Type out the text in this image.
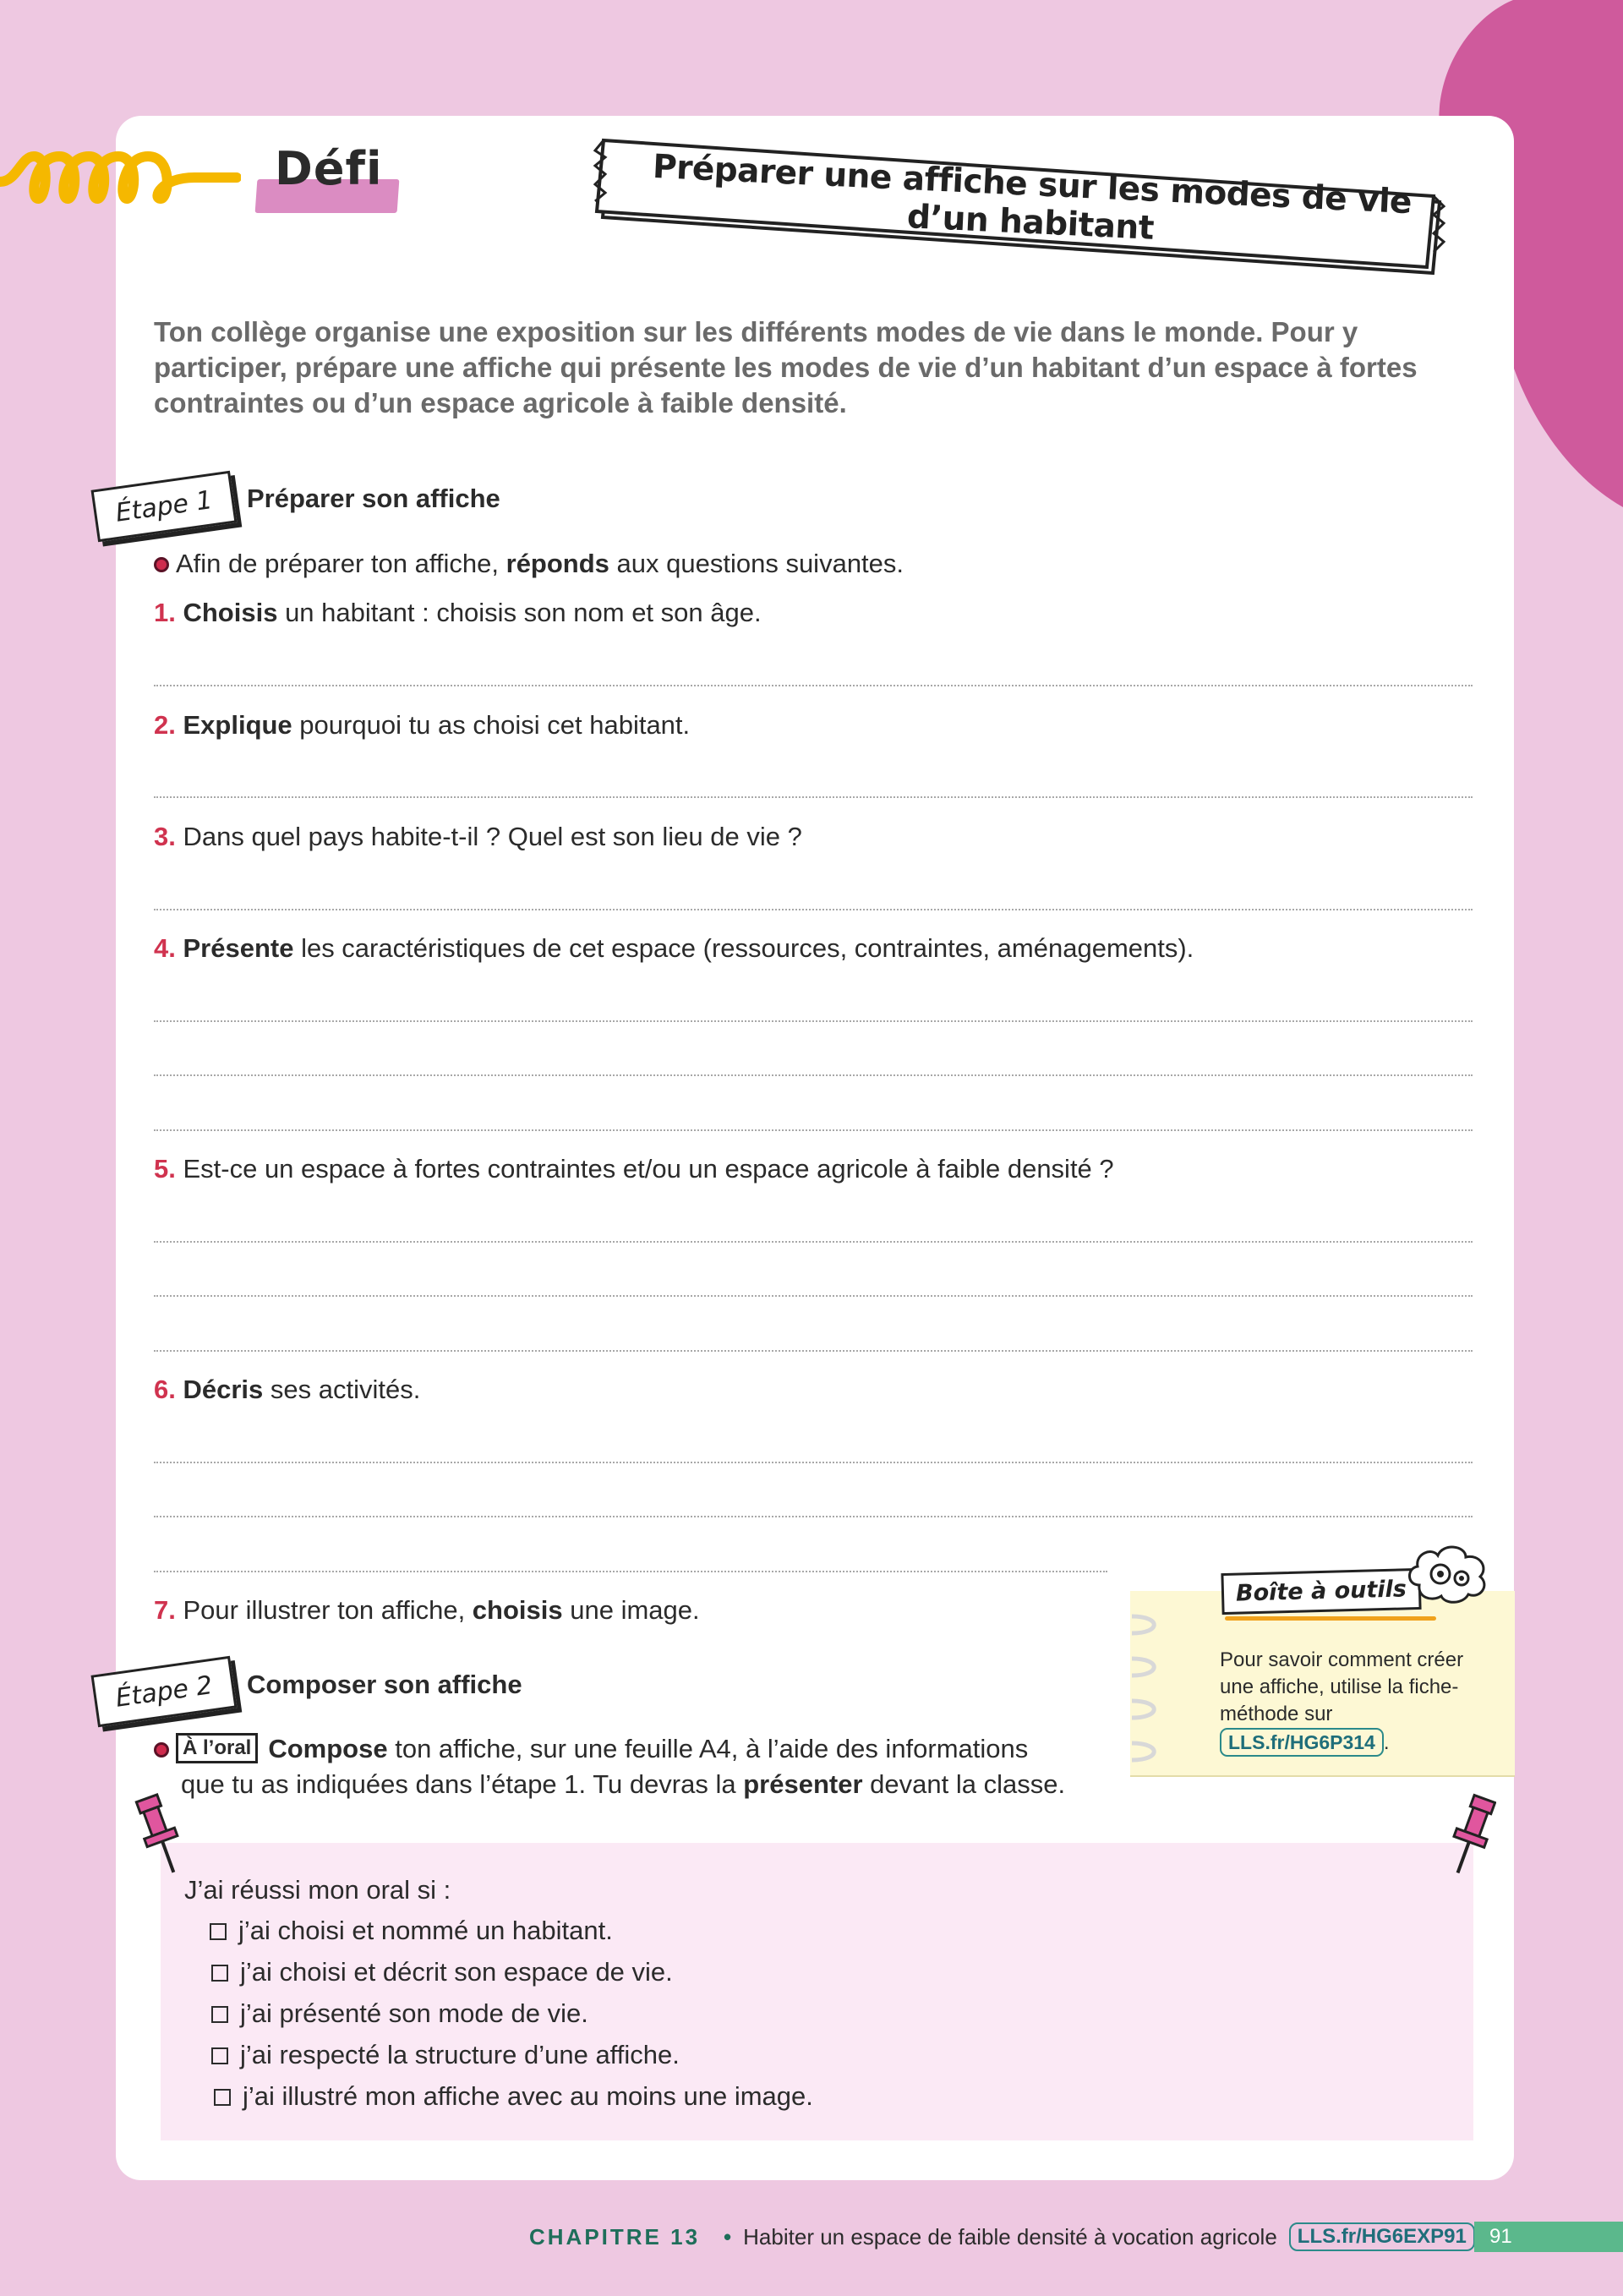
Défi	Préparer une affiche sur les modes de vie d’un habitant
Ton collège organise une exposition sur les différents modes de vie dans le monde. Pour y participer, prépare une affiche qui présente les modes de vie d’un habitant d’un espace à fortes contraintes ou d’un espace agricole à faible densité.
Étape 1	Préparer son affiche
Afin de préparer ton affiche, réponds aux questions suivantes.
1. Choisis un habitant : choisis son nom et son âge.
2. Explique pourquoi tu as choisi cet habitant.
3. Dans quel pays habite-t-il ? Quel est son lieu de vie ?
4. Présente les caractéristiques de cet espace (ressources, contraintes, aménagements).
5. Est-ce un espace à fortes contraintes et/ou un espace agricole à faible densité ?
6. Décris ses activités.
7. Pour illustrer ton affiche, choisis une image.
Boîte à outils
Pour savoir comment créer une affiche, utilise la fiche-méthode sur
LLS.fr/HG6P314 .
Étape 2	Composer son affiche
À l’oral Compose ton affiche, sur une feuille A4, à l’aide des informations
que tu as indiquées dans l’étape 1. Tu devras la présenter devant la classe.
J’ai réussi mon oral si :
j’ai choisi et nommé un habitant.
j’ai choisi et décrit son espace de vie.
j’ai présenté son mode de vie.
j’ai respecté la structure d’une affiche.
j’ai illustré mon affiche avec au moins une image.
CHAPITRE 13 • Habiter un espace de faible densité à vocation agricole	LLS.fr/HG6EXP91	91
